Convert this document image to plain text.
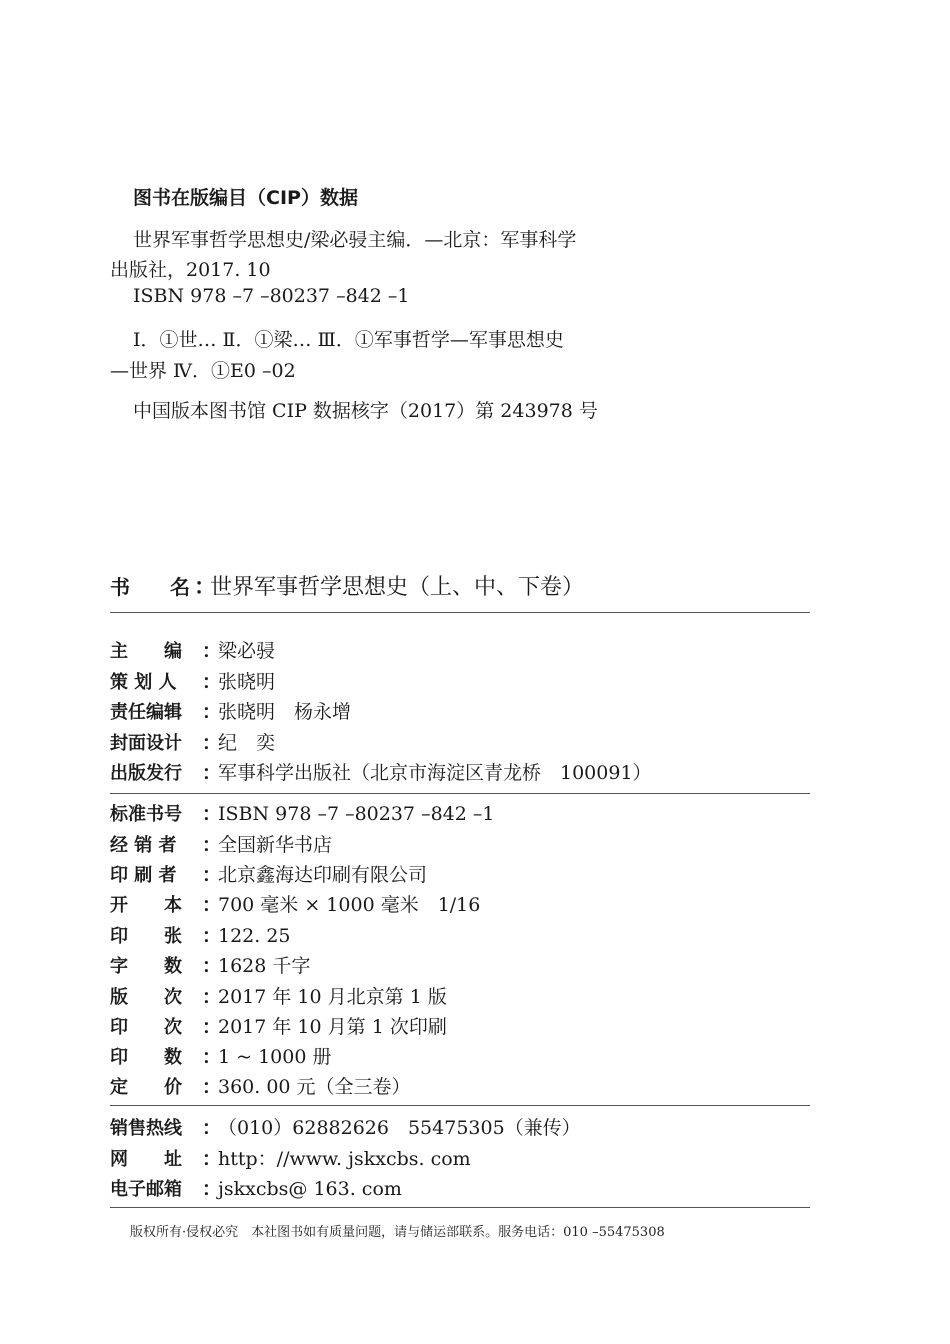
图书在版编目（CIP）数据
世界军事哲学思想史/梁必骎主编．—北京：军事科学
出版社，2017. 10
ISBN 978 –7 –80237 –842 –1
Ⅰ．①世… Ⅱ．①梁… Ⅲ．①军事哲学—军事思想史
—世界 Ⅳ．①E0 –02
中国版本图书馆 CIP 数据核字（2017）第 243978 号
书　　名 ：世界军事哲学思想史（上、中、下卷）
主　　编 ：梁必骎
策 划 人 ：张晓明
责任编辑 ：张晓明　杨永增
封面设计 ：纪　奕
出版发行 ：军事科学出版社（北京市海淀区青龙桥　100091）
标准书号 ：ISBN 978 –7 –80237 –842 –1
经 销 者 ：全国新华书店
印 刷 者 ：北京鑫海达印刷有限公司
开　　本 ：700 毫米 × 1000 毫米　1/16
印　　张 ：122. 25
字　　数 ：1628 千字
版　　次 ：2017 年 10 月北京第 1 版
印　　次 ：2017 年 10 月第 1 次印刷
印　　数 ：1 ~ 1000 册
定　　价 ：360. 00 元（全三卷）
销售热线 ：（010）62882626　55475305（兼传）
网　　址 ：http：//www. jskxcbs. com
电子邮箱 ：jskxcbs@ 163. com
版权所有·侵权必究　本社图书如有质量问题，请与储运部联系。服务电话：010 –55475308
